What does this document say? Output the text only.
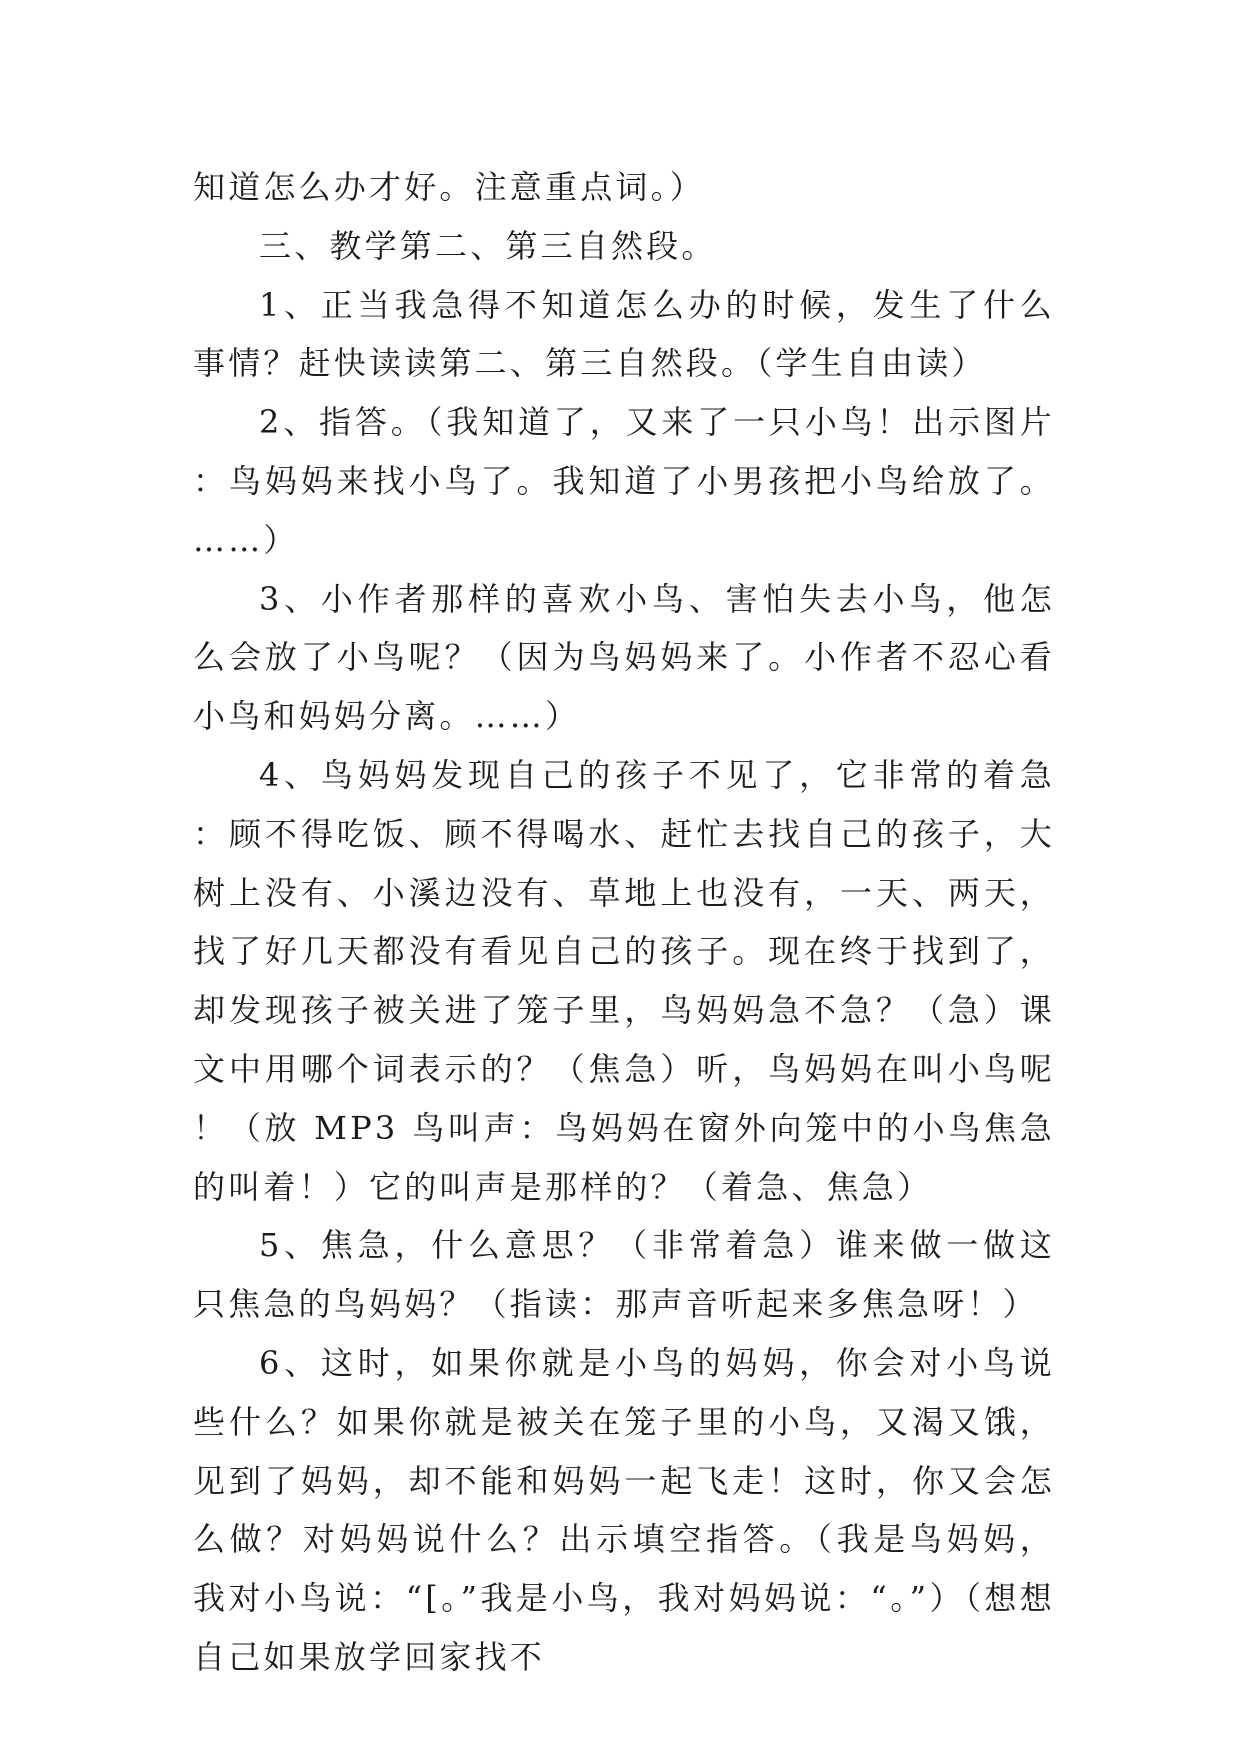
知道怎么办才好。注意重点词。）

三、教学第二、第三自然段。

1、正当我急得不知道怎么办的时候，发生了什么事情？赶快读读第二、第三自然段。（学生自由读）

2、指答。（我知道了，又来了一只小鸟！出示图片：鸟妈妈来找小鸟了。我知道了小男孩把小鸟给放了。……）

3、小作者那样的喜欢小鸟、害怕失去小鸟，他怎么会放了小鸟呢？（因为鸟妈妈来了。小作者不忍心看小鸟和妈妈分离。……）

4、鸟妈妈发现自己的孩子不见了，它非常的着急：顾不得吃饭、顾不得喝水、赶忙去找自己的孩子，大树上没有、小溪边没有、草地上也没有，一天、两天，找了好几天都没有看见自己的孩子。现在终于找到了，却发现孩子被关进了笼子里，鸟妈妈急不急？（急）课文中用哪个词表示的？（焦急）听，鸟妈妈在叫小鸟呢！（放 MP3 鸟叫声：鸟妈妈在窗外向笼中的小鸟焦急的叫着！）它的叫声是那样的？（着急、焦急）

5、焦急，什么意思？（非常着急）谁来做一做这只焦急的鸟妈妈？（指读：那声音听起来多焦急呀！）

6、这时，如果你就是小鸟的妈妈，你会对小鸟说些什么？如果你就是被关在笼子里的小鸟，又渴又饿，见到了妈妈，却不能和妈妈一起飞走！这时，你又会怎么做？对妈妈说什么？出示填空指答。（我是鸟妈妈，我对小鸟说：“[。”我是小鸟，我对妈妈说：“。”）（想想自己如果放学回家找不
